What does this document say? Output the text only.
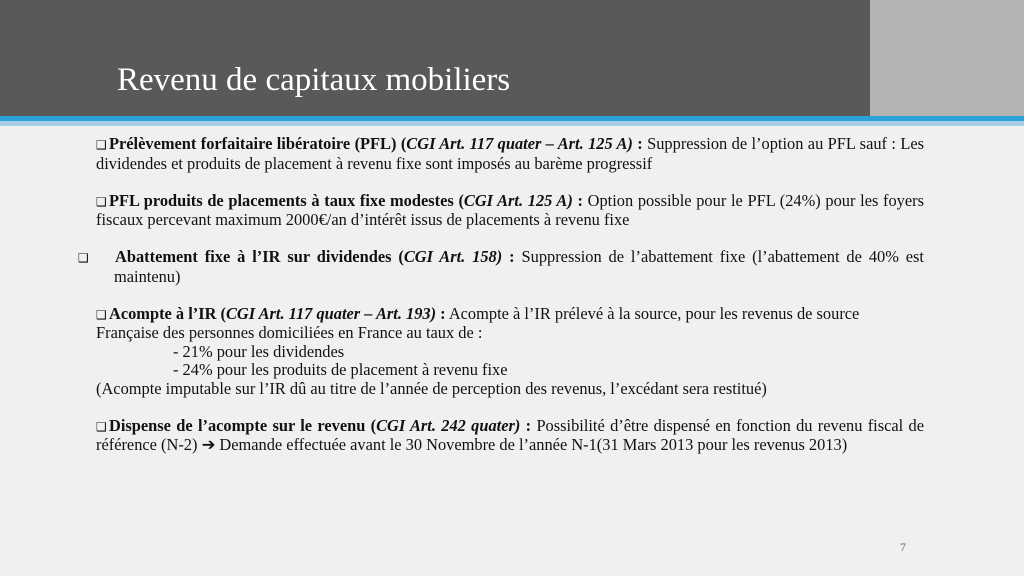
Revenu de capitaux mobiliers

❑ Prélèvement forfaitaire libératoire (PFL) (CGI Art. 117 quater – Art. 125 A) : Suppression de l’option au PFL sauf : Les dividendes et produits de placement à revenu fixe sont imposés au barème progressif

❑ PFL produits de placements à taux fixe modestes (CGI Art. 125 A) : Option possible pour le PFL (24%) pour les foyers fiscaux percevant maximum 2000€/an d’intérêt issus de placements à revenu fixe

❑ Abattement fixe à l’IR sur dividendes (CGI Art. 158) : Suppression de l’abattement fixe (l’abattement de 40% est maintenu)

❑ Acompte à l’IR (CGI Art. 117 quater – Art. 193) : Acompte à l’IR prélevé à la source, pour les revenus de source Française des personnes domiciliées en France au taux de :
- 21% pour les dividendes
- 24% pour les produits de placement à revenu fixe
(Acompte imputable sur l’IR dû au titre de l’année de perception des revenus, l’excédant sera restitué)

❑ Dispense de l’acompte sur le revenu (CGI Art. 242 quater) : Possibilité d’être dispensé en fonction du revenu fiscal de référence (N-2) ➔ Demande effectuée avant le 30 Novembre de l’année N-1(31 Mars 2013 pour les revenus 2013)

7
